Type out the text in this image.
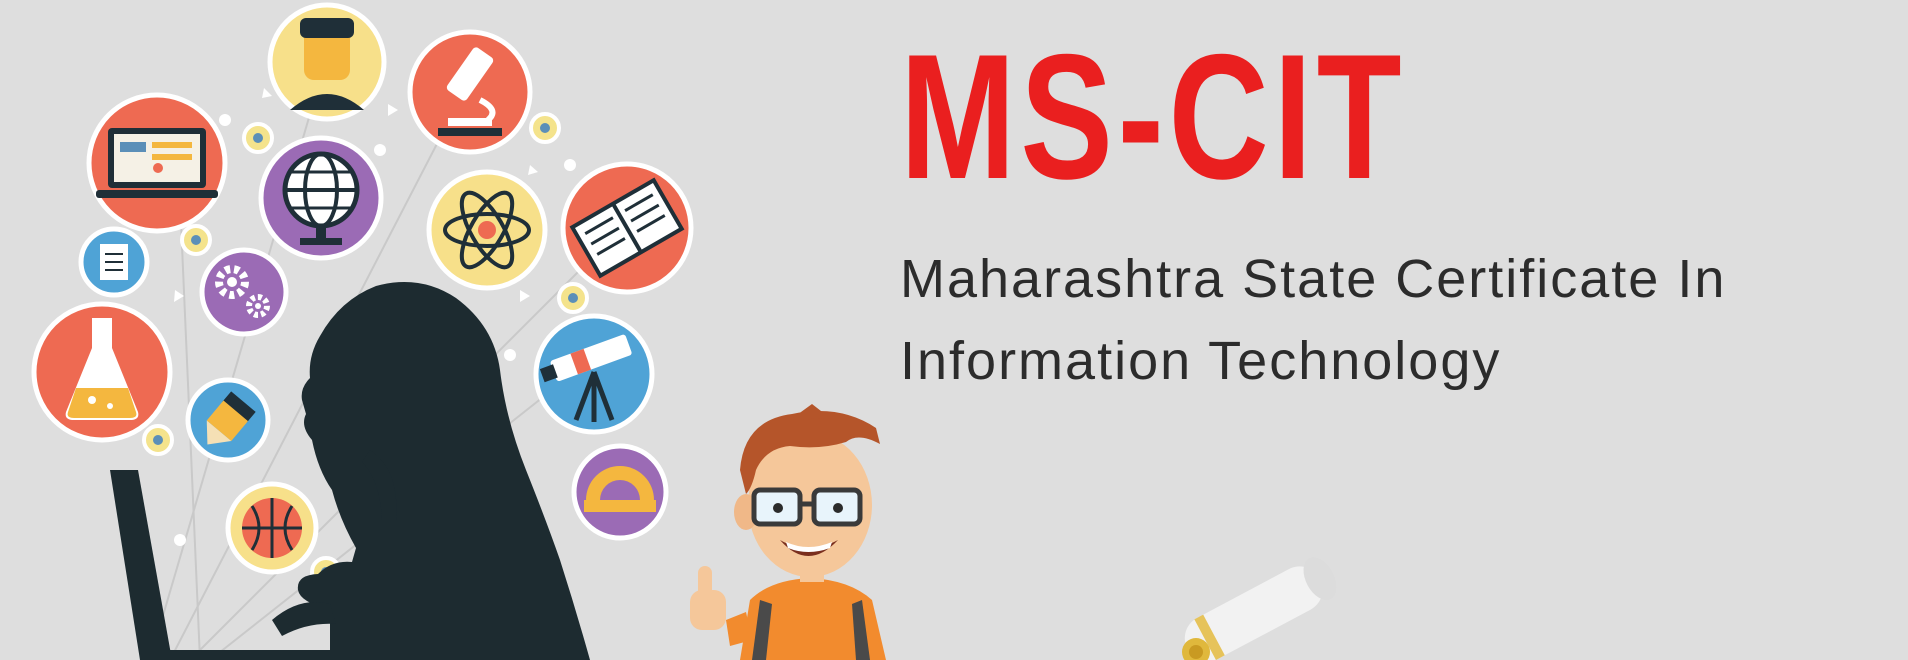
MS-CIT
Maharashtra State Certificate In
Information Technology
